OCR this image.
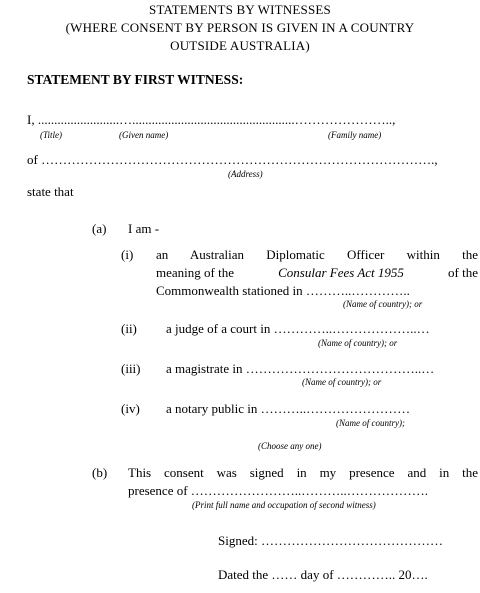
STATEMENTS BY WITNESSES
(WHERE CONSENT BY PERSON IS GIVEN IN A COUNTRY
OUTSIDE AUSTRALIA)
STATEMENT BY FIRST WITNESS:
I, .........................…..................................................…………………..,
(Title)	(Given name)	(Family name)
of ……………………………………………………………………………….,
(Address)
state that
(a) I am -
(i) an Australian Diplomatic Officer within the
meaning of the	Consular Fees Act 1955	of the
Commonwealth stationed in ………..…………..
(Name of country); or
(ii) a judge of a court in …………..………………..…
(Name of country); or
(iii) a magistrate in …………………………………..…
(Name of country); or
(iv) a notary public in ………..……………………
(Name of country);
(Choose any one)
(b) This consent was signed in my presence and in the
presence of ……………………..………..……………….
(Print full name and occupation of second witness)
Signed: ……………………………………
Dated the …… day of ………….. 20….
